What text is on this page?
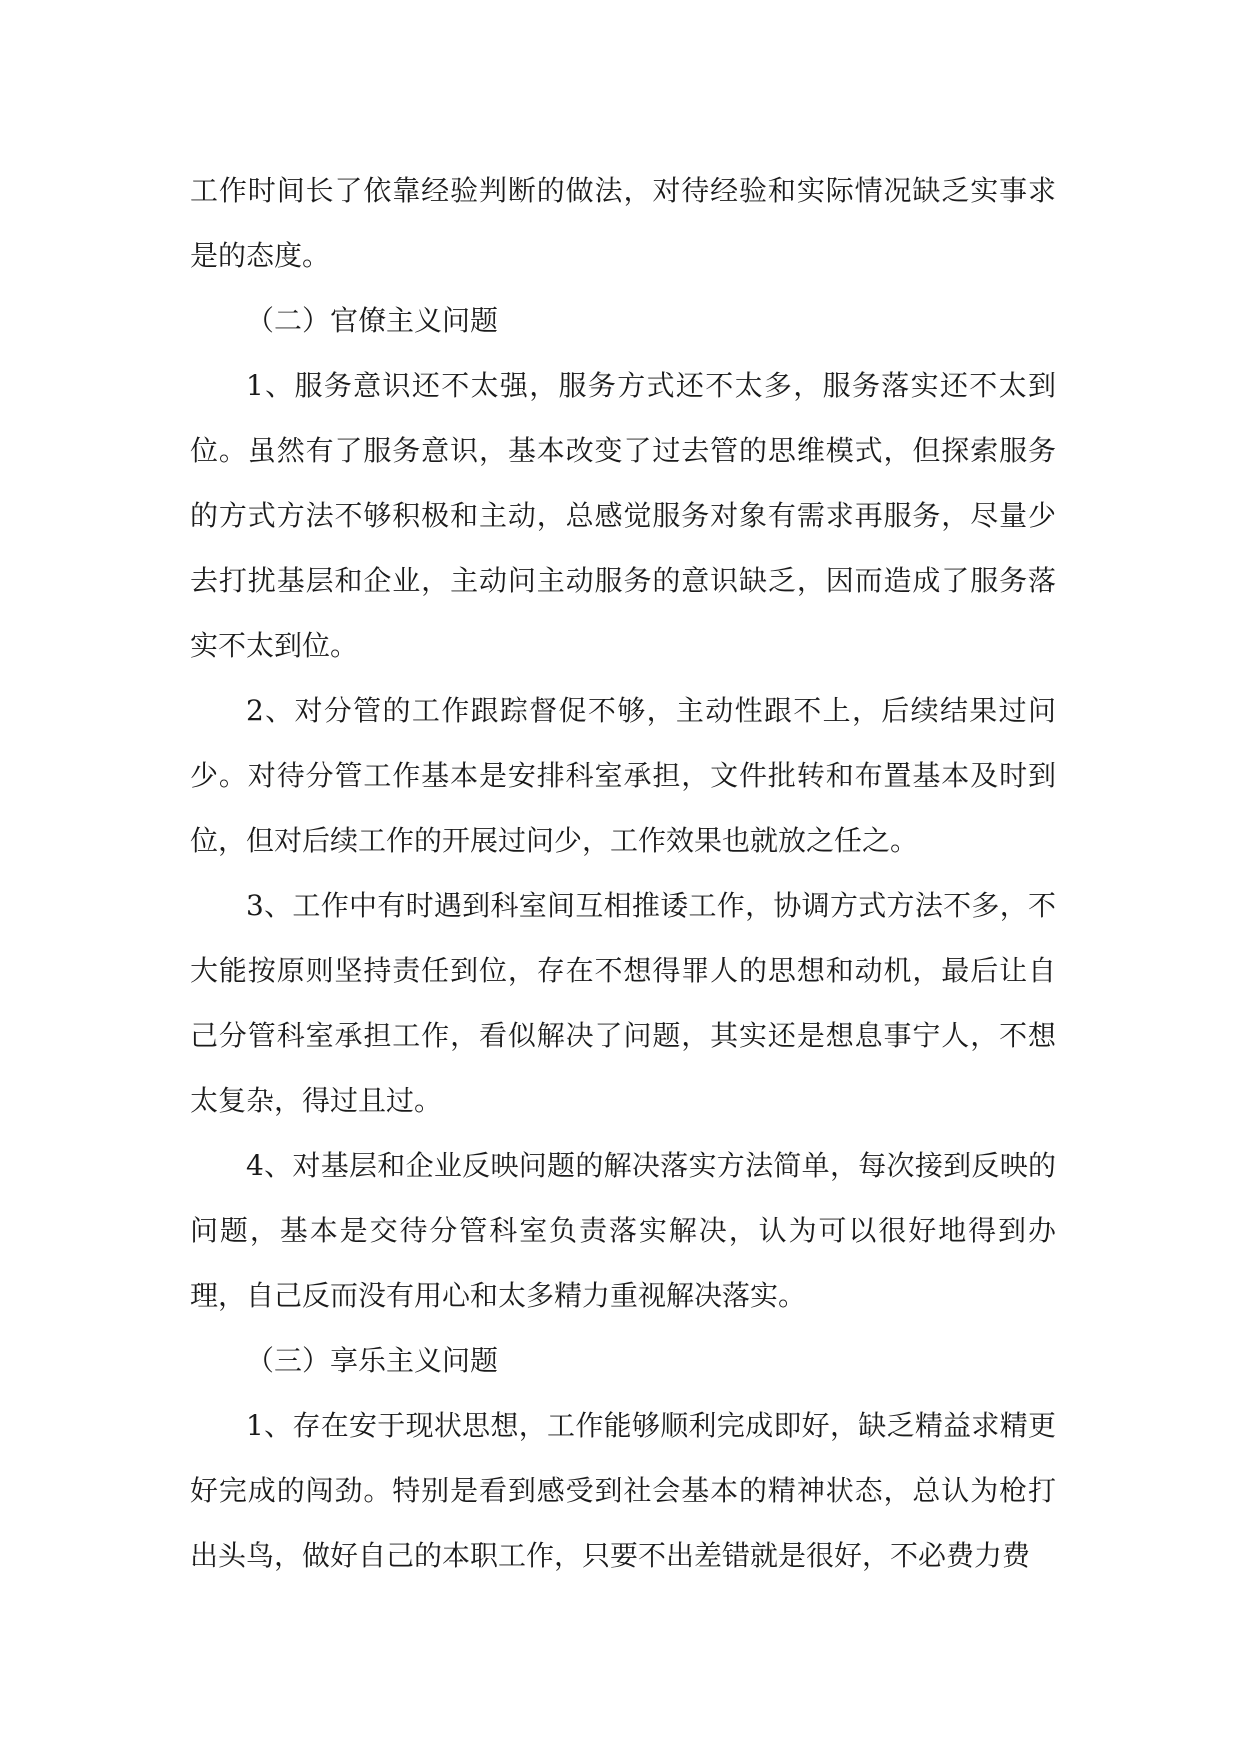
工作时间长了依靠经验判断的做法，对待经验和实际情况缺乏实事求是的态度。

（二）官僚主义问题

1、服务意识还不太强，服务方式还不太多，服务落实还不太到位。虽然有了服务意识，基本改变了过去管的思维模式，但探索服务的方式方法不够积极和主动，总感觉服务对象有需求再服务，尽量少去打扰基层和企业，主动问主动服务的意识缺乏，因而造成了服务落实不太到位。

2、对分管的工作跟踪督促不够，主动性跟不上，后续结果过问少。对待分管工作基本是安排科室承担，文件批转和布置基本及时到位，但对后续工作的开展过问少，工作效果也就放之任之。

3、工作中有时遇到科室间互相推诿工作，协调方式方法不多，不大能按原则坚持责任到位，存在不想得罪人的思想和动机，最后让自己分管科室承担工作，看似解决了问题，其实还是想息事宁人，不想太复杂，得过且过。

4、对基层和企业反映问题的解决落实方法简单，每次接到反映的问题，基本是交待分管科室负责落实解决，认为可以很好地得到办理，自己反而没有用心和太多精力重视解决落实。

（三）享乐主义问题

1、存在安于现状思想，工作能够顺利完成即好，缺乏精益求精更好完成的闯劲。特别是看到感受到社会基本的精神状态，总认为枪打出头鸟，做好自己的本职工作，只要不出差错就是很好，不必费力费
